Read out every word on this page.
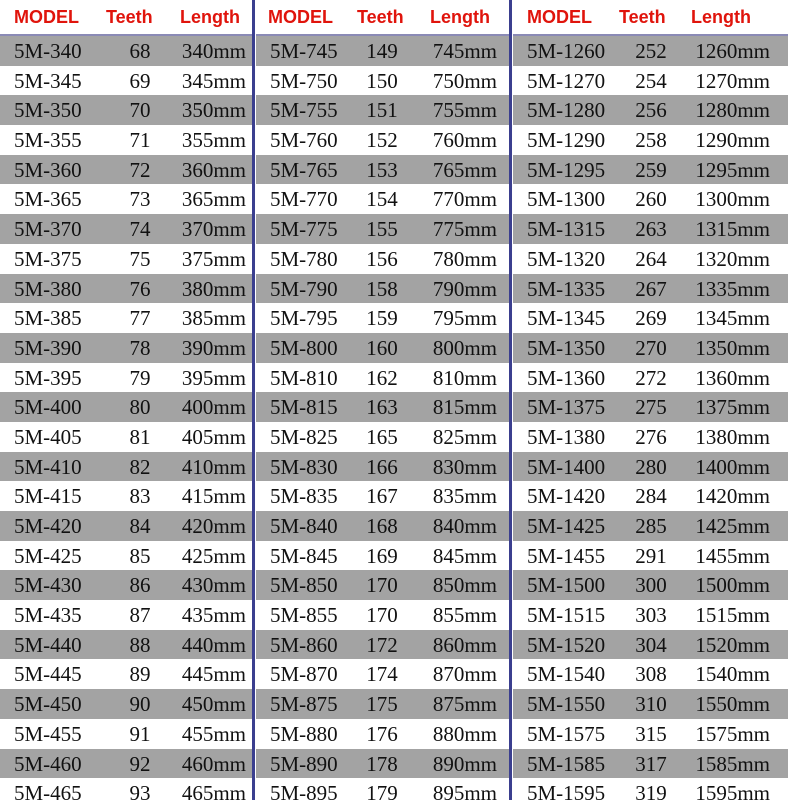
MODEL Teeth Length
5M-340	68	340mm
5M-345	69	345mm
5M-350	70	350mm
5M-355	71	355mm
5M-360	72	360mm
5M-365	73	365mm
5M-370	74	370mm
5M-375	75	375mm
5M-380	76	380mm
5M-385	77	385mm
5M-390	78	390mm
5M-395	79	395mm
5M-400	80	400mm
5M-405	81	405mm
5M-410	82	410mm
5M-415	83	415mm
5M-420	84	420mm
5M-425	85	425mm
5M-430	86	430mm
5M-435	87	435mm
5M-440	88	440mm
5M-445	89	445mm
5M-450	90	450mm
5M-455	91	455mm
5M-460	92	460mm
5M-465	93	465mm
MODEL Teeth Length
5M-745	149	745mm
5M-750	150	750mm
5M-755	151	755mm
5M-760	152	760mm
5M-765	153	765mm
5M-770	154	770mm
5M-775	155	775mm
5M-780	156	780mm
5M-790	158	790mm
5M-795	159	795mm
5M-800	160	800mm
5M-810	162	810mm
5M-815	163	815mm
5M-825	165	825mm
5M-830	166	830mm
5M-835	167	835mm
5M-840	168	840mm
5M-845	169	845mm
5M-850	170	850mm
5M-855	170	855mm
5M-860	172	860mm
5M-870	174	870mm
5M-875	175	875mm
5M-880	176	880mm
5M-890	178	890mm
5M-895	179	895mm
MODEL Teeth Length
5M-1260	252	1260mm
5M-1270	254	1270mm
5M-1280	256	1280mm
5M-1290	258	1290mm
5M-1295	259	1295mm
5M-1300	260	1300mm
5M-1315	263	1315mm
5M-1320	264	1320mm
5M-1335	267	1335mm
5M-1345	269	1345mm
5M-1350	270	1350mm
5M-1360	272	1360mm
5M-1375	275	1375mm
5M-1380	276	1380mm
5M-1400	280	1400mm
5M-1420	284	1420mm
5M-1425	285	1425mm
5M-1455	291	1455mm
5M-1500	300	1500mm
5M-1515	303	1515mm
5M-1520	304	1520mm
5M-1540	308	1540mm
5M-1550	310	1550mm
5M-1575	315	1575mm
5M-1585	317	1585mm
5M-1595	319	1595mm
